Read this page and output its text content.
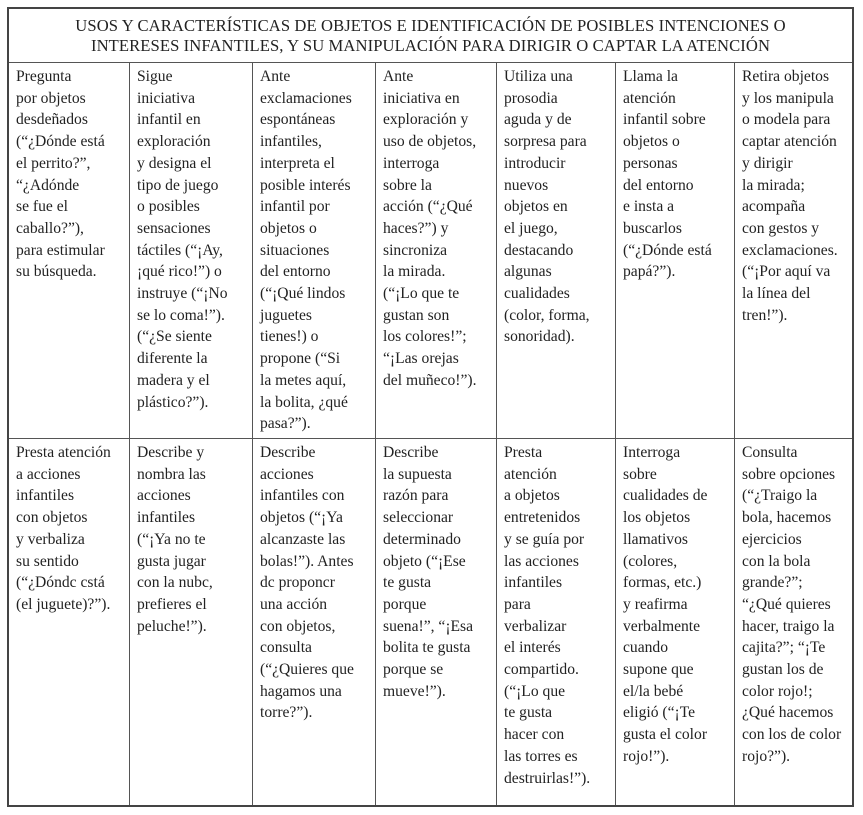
USOS Y CARACTERÍSTICAS DE OBJETOS E IDENTIFICACIÓN DE POSIBLES INTENCIONES O
INTERESES INFANTILES, Y SU MANIPULACIÓN PARA DIRIGIR O CAPTAR LA ATENCIÓN
Pregunta
por objetos
desdeñados
(“¿Dónde está
el perrito?”,
“¿Adónde
se fue el
caballo?”),
para estimular
su búsqueda.
Sigue
iniciativa
infantil en
exploración
y designa el
tipo de juego
o posibles
sensaciones
táctiles (“¡Ay,
¡qué rico!”) o
instruye (“¡No
se lo coma!”).
(“¿Se siente
diferente la
madera y el
plástico?”).
Ante
exclamaciones
espontáneas
infantiles,
interpreta el
posible interés
infantil por
objetos o
situaciones
del entorno
(“¡Qué lindos
juguetes
tienes!) o
propone (“Si
la metes aquí,
la bolita, ¿qué
pasa?”).
Ante
iniciativa en
exploración y
uso de objetos,
interroga
sobre la
acción (“¿Qué
haces?”) y
sincroniza
la mirada.
(“¡Lo que te
gustan son
los colores!”;
“¡Las orejas
del muñeco!”).
Utiliza una
prosodia
aguda y de
sorpresa para
introducir
nuevos
objetos en
el juego,
destacando
algunas
cualidades
(color, forma,
sonoridad).
Llama la
atención
infantil sobre
objetos o
personas
del entorno
e insta a
buscarlos
(“¿Dónde está
papá?”).
Retira objetos
y los manipula
o modela para
captar atención
y dirigir
la mirada;
acompaña
con gestos y
exclamaciones.
(“¡Por aquí va
la línea del
tren!”).
Presta atención
a acciones
infantiles
con objetos
y verbaliza
su sentido
(“¿Dóndc cstá
(el juguete)?”).
Describe y
nombra las
acciones
infantiles
(“¡Ya no te
gusta jugar
con la nubc,
prefieres el
peluche!”).
Describe
acciones
infantiles con
objetos (“¡Ya
alcanzaste las
bolas!”). Antes
dc proponcr
una acción
con objetos,
consulta
(“¿Quieres que
hagamos una
torre?”).
Describe
la supuesta
razón para
seleccionar
determinado
objeto (“¡Ese
te gusta
porque
suena!”, “¡Esa
bolita te gusta
porque se
mueve!”).
Presta
atención
a objetos
entretenidos
y se guía por
las acciones
infantiles
para
verbalizar
el interés
compartido.
(“¡Lo que
te gusta
hacer con
las torres es
destruirlas!”).
Interroga
sobre
cualidades de
los objetos
llamativos
(colores,
formas, etc.)
y reafirma
verbalmente
cuando
supone que
el/la bebé
eligió (“¡Te
gusta el color
rojo!”).
Consulta
sobre opciones
(“¿Traigo la
bola, hacemos
ejercicios
con la bola
grande?”;
“¿Qué quieres
hacer, traigo la
cajita?”; “¡Te
gustan los de
color rojo!;
¿Qué hacemos
con los de color
rojo?”).
